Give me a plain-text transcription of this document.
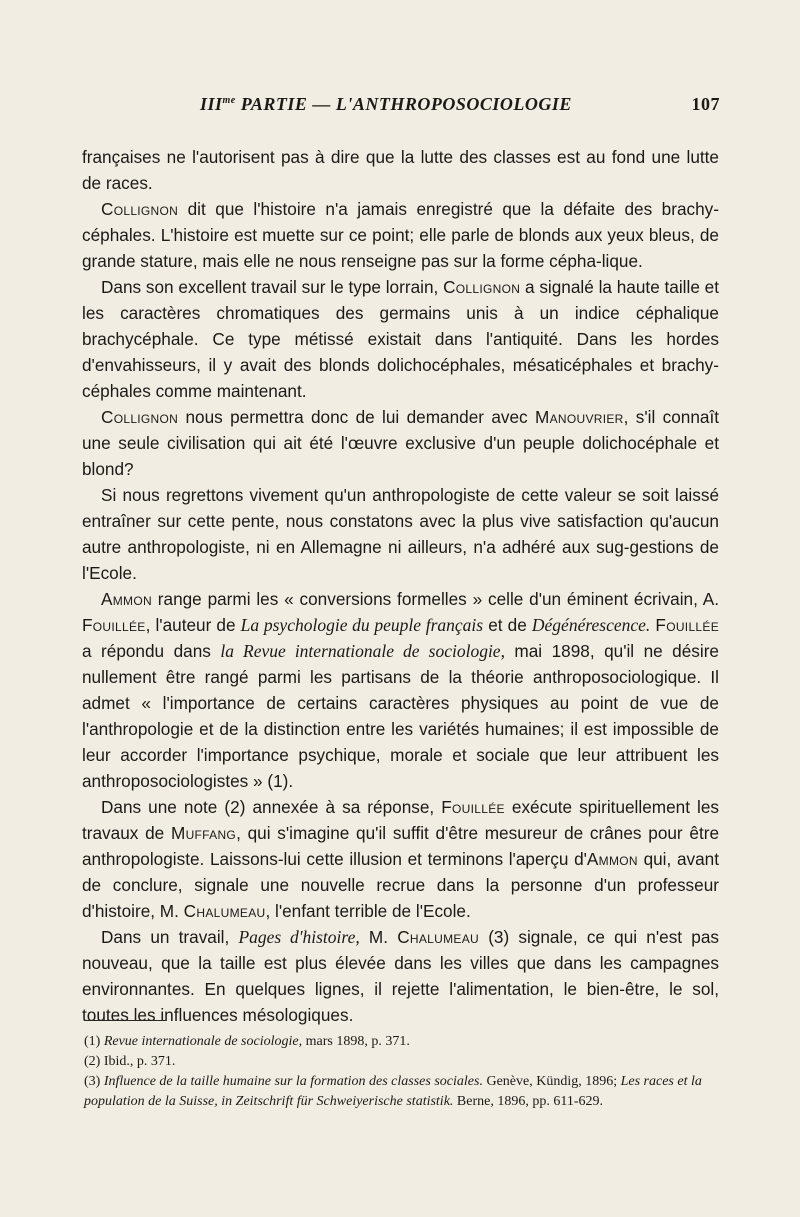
$III^{me}$ PARTIE — L'ANTHROPOSOCIOLOGIE	107

françaises ne l'autorisent pas à dire que la lutte des classes est au fond une lutte de races.

Collignon dit que l'histoire n'a jamais enregistré que la défaite des brachy-céphales. L'histoire est muette sur ce point; elle parle de blonds aux yeux bleus, de grande stature, mais elle ne nous renseigne pas sur la forme cépha-lique.

Dans son excellent travail sur le type lorrain, Collignon a signalé la haute taille et les caractères chromatiques des germains unis à un indice céphalique brachycéphale. Ce type métissé existait dans l'antiquité. Dans les hordes d'envahisseurs, il y avait des blonds dolichocéphales, mésaticéphales et brachy-céphales comme maintenant.

Collignon nous permettra donc de lui demander avec Manouvrier, s'il connaît une seule civilisation qui ait été l'œuvre exclusive d'un peuple dolichocéphale et blond?

Si nous regrettons vivement qu'un anthropologiste de cette valeur se soit laissé entraîner sur cette pente, nous constatons avec la plus vive satisfaction qu'aucun autre anthropologiste, ni en Allemagne ni ailleurs, n'a adhéré aux sug-gestions de l'Ecole.

Ammon range parmi les « conversions formelles » celle d'un éminent écrivain, A. Fouillée, l'auteur de La psychologie du peuple français et de Dégénérescence. Fouillée a répondu dans la Revue internationale de sociologie, mai 1898, qu'il ne désire nullement être rangé parmi les partisans de la théorie anthroposociologique. Il admet « l'importance de certains caractères physiques au point de vue de l'anthropologie et de la distinction entre les variétés humaines; il est impossible de leur accorder l'importance psychique, morale et sociale que leur attribuent les anthroposociologistes » (1).

Dans une note (2) annexée à sa réponse, Fouillée exécute spirituellement les travaux de Muffang, qui s'imagine qu'il suffit d'être mesureur de crânes pour être anthropologiste. Laissons-lui cette illusion et terminons l'aperçu d'Ammon qui, avant de conclure, signale une nouvelle recrue dans la personne d'un professeur d'histoire, M. Chalumeau, l'enfant terrible de l'Ecole.

Dans un travail, Pages d'histoire, M. Chalumeau (3) signale, ce qui n'est pas nouveau, que la taille est plus élevée dans les villes que dans les campagnes environnantes. En quelques lignes, il rejette l'alimentation, le bien-être, le sol, toutes les influences mésologiques.

(1) Revue internationale de sociologie, mars 1898, p. 371.
(2) Ibid., p. 371.
(3) Influence de la taille humaine sur la formation des classes sociales. Genève, Kündig, 1896; Les races et la population de la Suisse, in Zeitschrift für Schweiyerische statistik. Berne, 1896, pp. 611-629.
